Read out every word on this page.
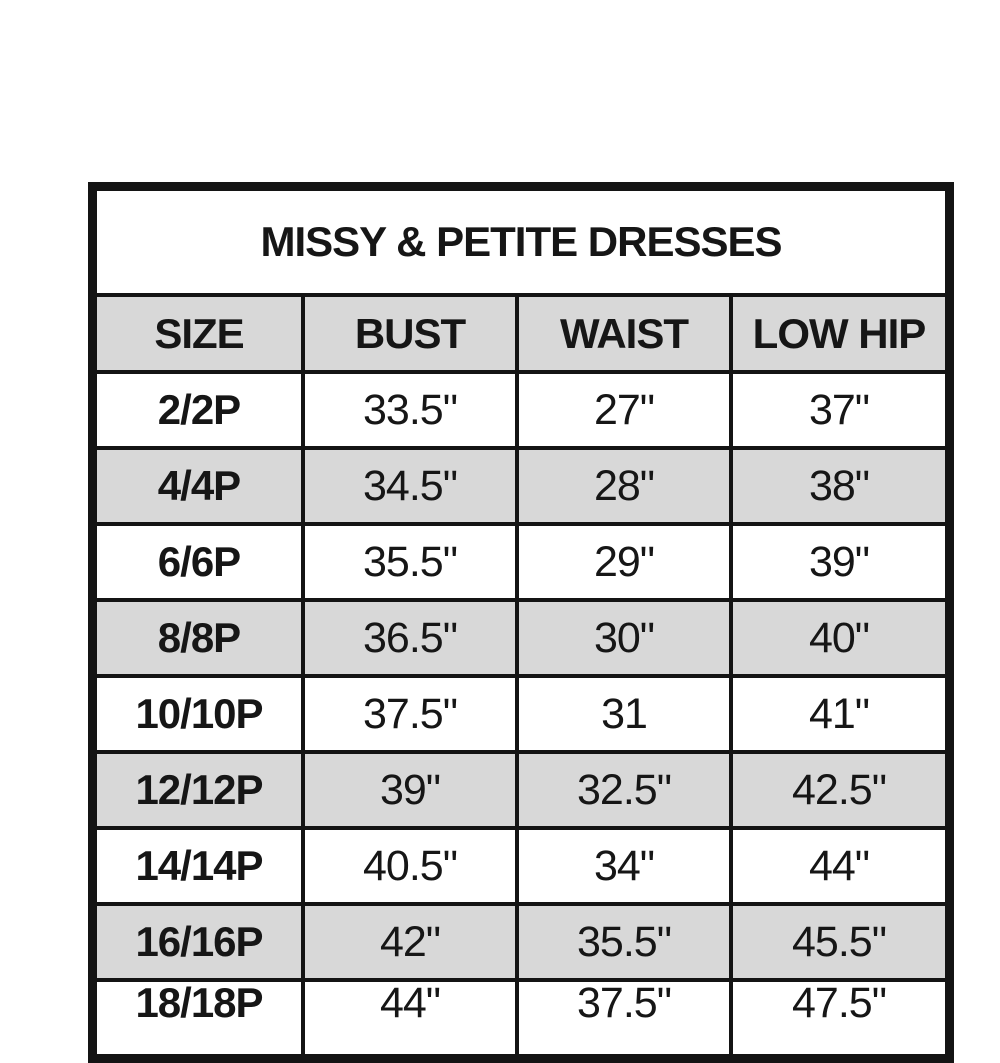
MISSY & PETITE DRESSES
SIZE	BUST	WAIST	LOW HIP
2/2P	33.5"	27"	37"
4/4P	34.5"	28"	38"
6/6P	35.5"	29"	39"
8/8P	36.5"	30"	40"
10/10P	37.5"	31	41"
12/12P	39"	32.5"	42.5"
14/14P	40.5"	34"	44"
16/16P	42"	35.5"	45.5"
18/18P	44"	37.5"	47.5"
